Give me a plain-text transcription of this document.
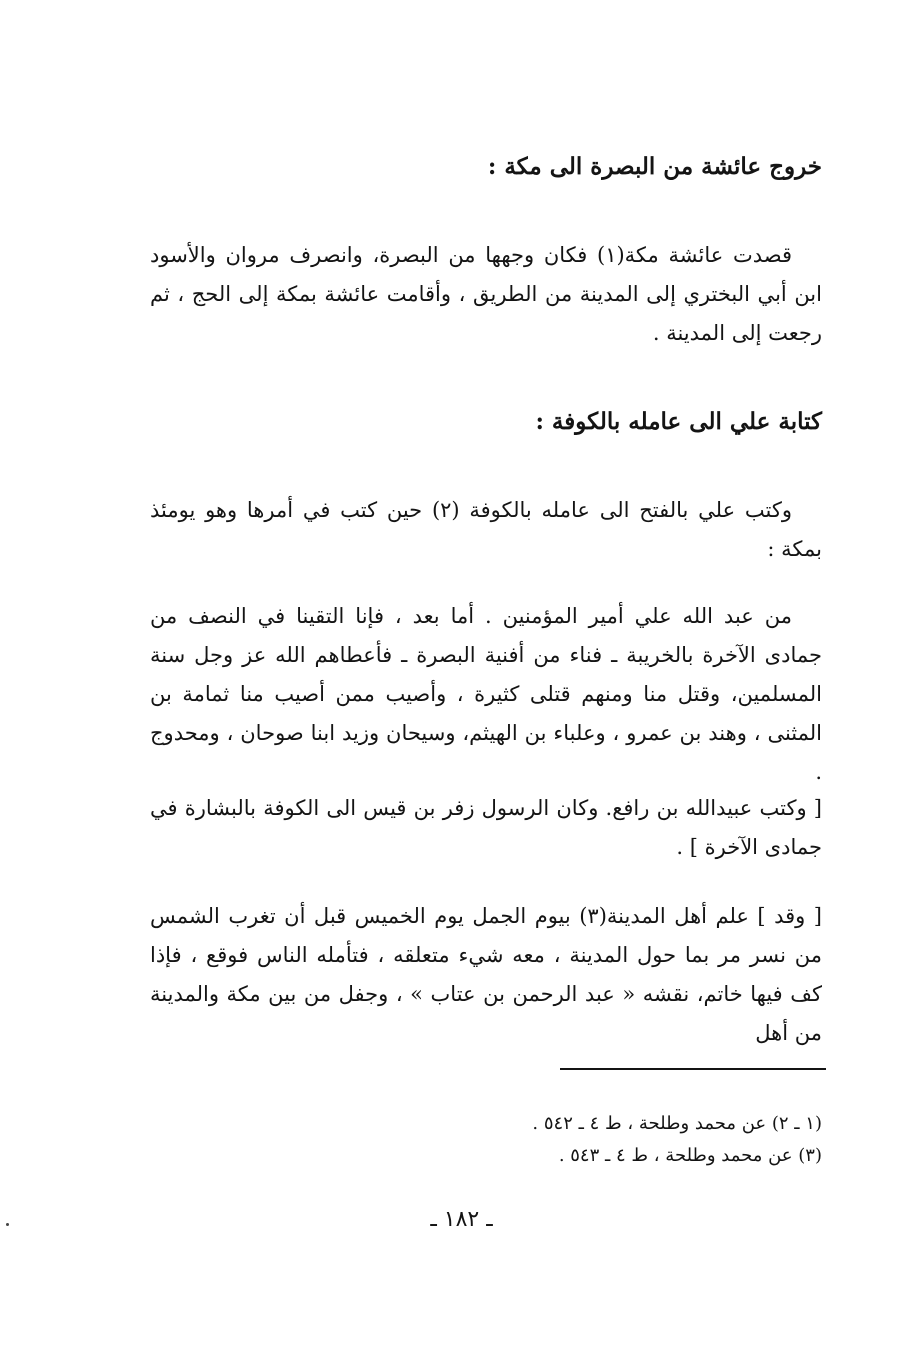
خروج عائشة من البصرة الى مكة :
قصدت عائشة مكة(١) فكان وجهها من البصرة، وانصرف مروان والأسود ابن أبي البختري إلى المدينة من الطريق ، وأقامت عائشة بمكة إلى الحج ، ثم رجعت إلى المدينة .
كتابة علي الى عامله بالكوفة :
وكتب علي بالفتح الى عامله بالكوفة (٢) حين كتب في أمرها وهو يومئذ بمكة :
من عبد الله علي أمير المؤمنين . أما بعد ، فإنا التقينا في النصف من جمادى الآخرة بالخريبة ـ فناء من أفنية البصرة ـ فأعطاهم الله عز وجل سنة المسلمين، وقتل منا ومنهم قتلى كثيرة ، وأصيب ممن أصيب منا ثمامة بن المثنى ، وهند بن عمرو ، وعلباء بن الهيثم، وسيحان وزيد ابنا صوحان ، ومحدوج .
[ وكتب عبيدالله بن رافع. وكان الرسول زفر بن قيس الى الكوفة بالبشارة في جمادى الآخرة ] .
[ وقد ] علم أهل المدينة(٣) بيوم الجمل يوم الخميس قبل أن تغرب الشمس من نسر مر بما حول المدينة ، معه شيء متعلقه ، فتأمله الناس فوقع ، فإذا كف فيها خاتم، نقشه « عبد الرحمن بن عتاب » ، وجفل من بين مكة والمدينة من أهل
(١ ـ ٢) عن محمد وطلحة ، ط ٤ ـ ٥٤٢ .
(٣) عن محمد وطلحة ، ط ٤ ـ ٥٤٣ .
ـ ١٨٢ ـ
